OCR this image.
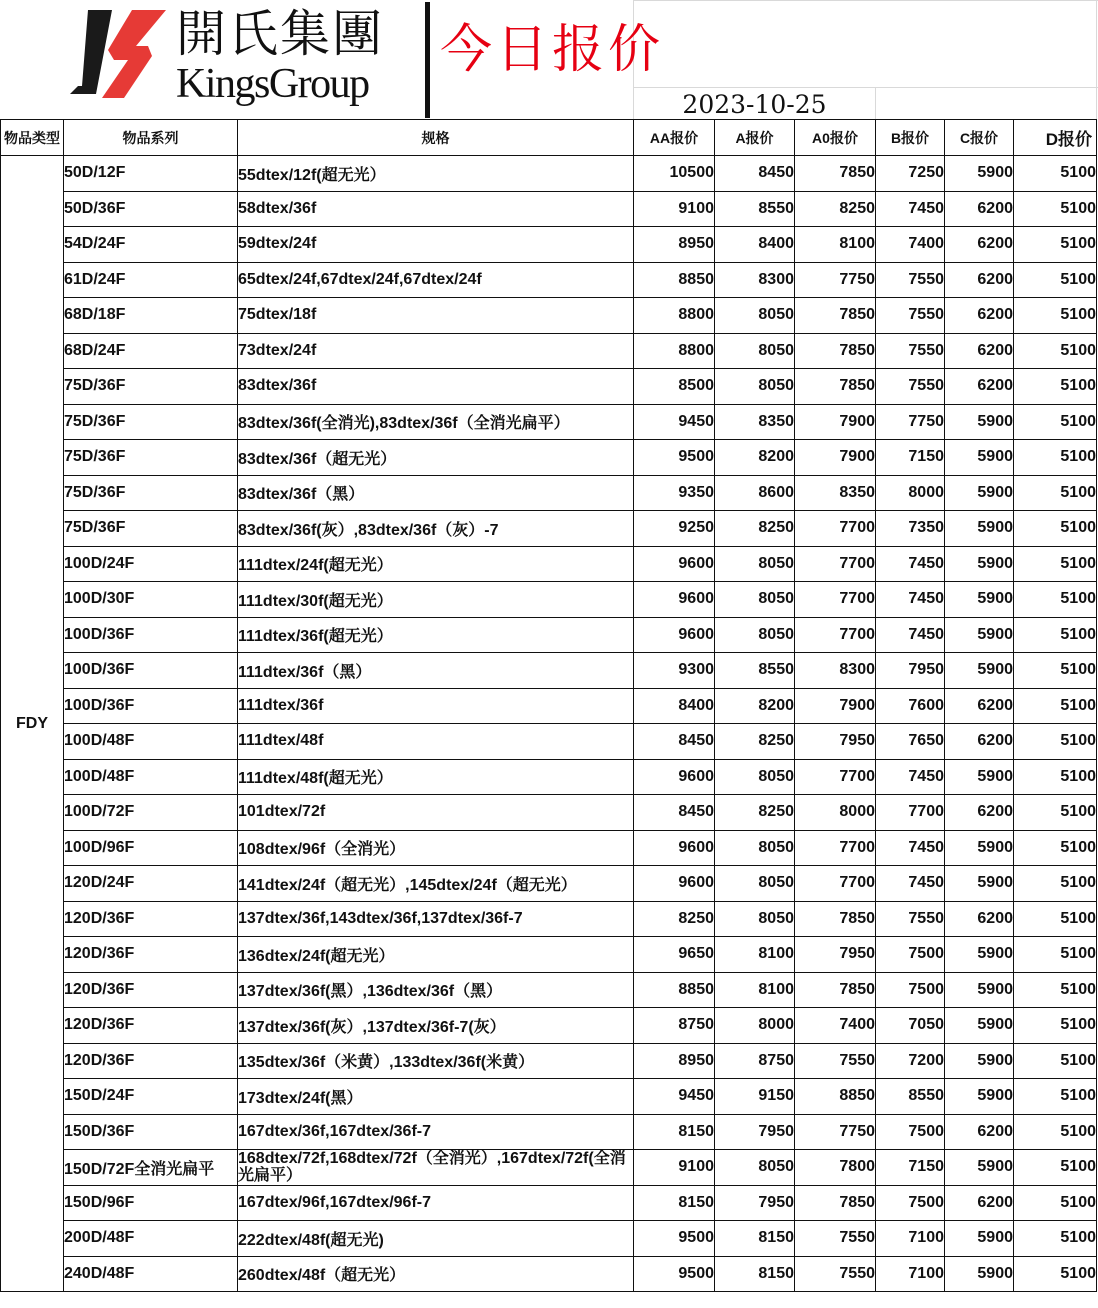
開氏集團
KingsGroup
今日报价
2023-10-25
物品类型	物品系列	规格	AA报价	A报价	A0报价	B报价	C报价	D报价
FDY	50D/12F	55dtex/12f(超无光）	10500	8450	7850	7250	5900	5100
	50D/36F	58dtex/36f	9100	8550	8250	7450	6200	5100
	54D/24F	59dtex/24f	8950	8400	8100	7400	6200	5100
	61D/24F	65dtex/24f,67dtex/24f,67dtex/24f	8850	8300	7750	7550	6200	5100
	68D/18F	75dtex/18f	8800	8050	7850	7550	6200	5100
	68D/24F	73dtex/24f	8800	8050	7850	7550	6200	5100
	75D/36F	83dtex/36f	8500	8050	7850	7550	6200	5100
	75D/36F	83dtex/36f(全消光),83dtex/36f（全消光扁平）	9450	8350	7900	7750	5900	5100
	75D/36F	83dtex/36f（超无光）	9500	8200	7900	7150	5900	5100
	75D/36F	83dtex/36f（黑）	9350	8600	8350	8000	5900	5100
	75D/36F	83dtex/36f(灰）,83dtex/36f（灰）-7	9250	8250	7700	7350	5900	5100
	100D/24F	111dtex/24f(超无光）	9600	8050	7700	7450	5900	5100
	100D/30F	111dtex/30f(超无光）	9600	8050	7700	7450	5900	5100
	100D/36F	111dtex/36f(超无光）	9600	8050	7700	7450	5900	5100
	100D/36F	111dtex/36f（黑）	9300	8550	8300	7950	5900	5100
	100D/36F	111dtex/36f	8400	8200	7900	7600	6200	5100
	100D/48F	111dtex/48f	8450	8250	7950	7650	6200	5100
	100D/48F	111dtex/48f(超无光）	9600	8050	7700	7450	5900	5100
	100D/72F	101dtex/72f	8450	8250	8000	7700	6200	5100
	100D/96F	108dtex/96f（全消光）	9600	8050	7700	7450	5900	5100
	120D/24F	141dtex/24f（超无光）,145dtex/24f（超无光）	9600	8050	7700	7450	5900	5100
	120D/36F	137dtex/36f,143dtex/36f,137dtex/36f-7	8250	8050	7850	7550	6200	5100
	120D/36F	136dtex/24f(超无光）	9650	8100	7950	7500	5900	5100
	120D/36F	137dtex/36f(黑）,136dtex/36f（黑）	8850	8100	7850	7500	5900	5100
	120D/36F	137dtex/36f(灰）,137dtex/36f-7(灰）	8750	8000	7400	7050	5900	5100
	120D/36F	135dtex/36f（米黄）,133dtex/36f(米黄）	8950	8750	7550	7200	5900	5100
	150D/24F	173dtex/24f(黑）	9450	9150	8850	8550	5900	5100
	150D/36F	167dtex/36f,167dtex/36f-7	8150	7950	7750	7500	6200	5100
	150D/72F全消光扁平	168dtex/72f,168dtex/72f（全消光）,167dtex/72f(全消光扁平）	9100	8050	7800	7150	5900	5100
	150D/96F	167dtex/96f,167dtex/96f-7	8150	7950	7850	7500	6200	5100
	200D/48F	222dtex/48f(超无光)	9500	8150	7550	7100	5900	5100
	240D/48F	260dtex/48f（超无光）	9500	8150	7550	7100	5900	5100
